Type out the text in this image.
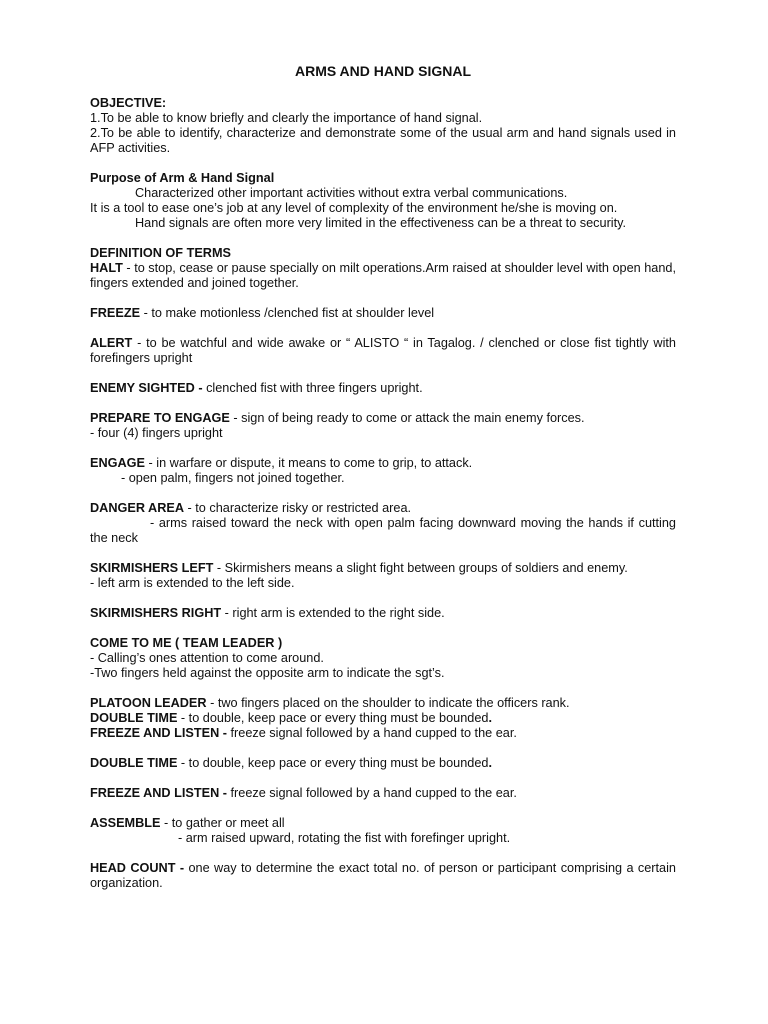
ARMS AND HAND SIGNAL

OBJECTIVE:

1.To be able to know briefly and clearly the importance of hand signal.

2.To be able to identify, characterize and demonstrate some of the usual arm and hand signals used in AFP activities.

Purpose of Arm & Hand Signal

Characterized other important activities without extra verbal communications.

It is a tool to ease one’s job at any level of complexity of the environment he/she is moving on.

Hand signals are often more very limited in the effectiveness can be a threat to security.

DEFINITION OF TERMS

HALT - to stop, cease or pause specially on milt operations.Arm raised at shoulder level with open hand, fingers extended and joined together.

FREEZE - to make motionless /clenched fist at shoulder level

ALERT - to be watchful and wide awake or “ ALISTO “ in Tagalog. / clenched or close fist tightly with forefingers upright

ENEMY SIGHTED - clenched fist with three fingers upright.

PREPARE TO ENGAGE - sign of being ready to come or attack the main enemy forces.

- four (4) fingers upright

ENGAGE - in warfare or dispute, it means to come to grip, to attack.

- open palm, fingers not joined together.

DANGER AREA - to characterize risky or restricted area.

- arms raised toward the neck with open palm facing downward moving the hands if cutting the neck

SKIRMISHERS LEFT - Skirmishers means a slight fight between groups of soldiers and enemy.

- left arm is extended to the left side.

SKIRMISHERS RIGHT - right arm is extended to the right side.

COME TO ME ( TEAM LEADER )

- Calling’s ones attention to come around.

-Two fingers held against the opposite arm to indicate the sgt’s.

PLATOON LEADER - two fingers placed on the shoulder to indicate the officers rank.

DOUBLE TIME - to double, keep pace or every thing must be bounded.

FREEZE AND LISTEN - freeze signal followed by a hand cupped to the ear.

DOUBLE TIME - to double, keep pace or every thing must be bounded.

FREEZE AND LISTEN - freeze signal followed by a hand cupped to the ear.

ASSEMBLE - to gather or meet all

- arm raised upward, rotating the fist with forefinger upright.

HEAD COUNT - one way to determine the exact total no. of person or participant comprising a certain organization.
